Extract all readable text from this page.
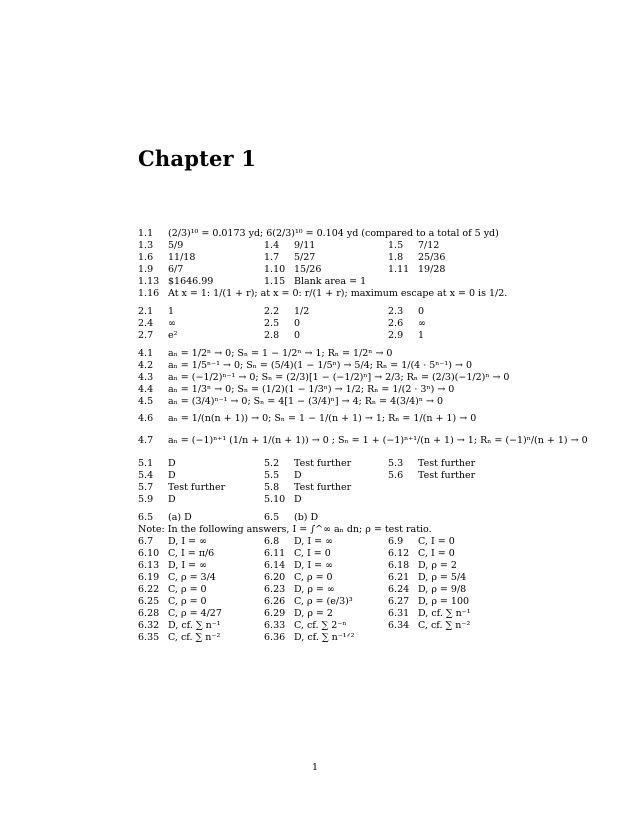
Chapter 1
1.1 (2/3)¹⁰ = 0.0173 yd; 6(2/3)¹⁰ = 0.104 yd (compared to a total of 5 yd)
1.3 5/9	1.4 9/11	1.5 7/12
1.6 11/18	1.7 5/27	1.8 25/36
1.9 6/7	1.10 15/26	1.11 19/28
1.13 $1646.99	1.15 Blank area = 1
1.16 At x = 1: 1/(1 + r); at x = 0: r/(1 + r); maximum escape at x = 0 is 1/2.
2.1 1	2.2 1/2	2.3 0
2.4 ∞	2.5 0	2.6 ∞
2.7 e²	2.8 0	2.9 1
4.1 aₙ = 1/2ⁿ → 0; Sₙ = 1 − 1/2ⁿ → 1; Rₙ = 1/2ⁿ → 0
4.2 aₙ = 1/5ⁿ⁻¹ → 0; Sₙ = (5/4)(1 − 1/5ⁿ) → 5/4; Rₙ = 1/(4 · 5ⁿ⁻¹) → 0
4.3 aₙ = (−1/2)ⁿ⁻¹ → 0; Sₙ = (2/3)[1 − (−1/2)ⁿ] → 2/3; Rₙ = (2/3)(−1/2)ⁿ → 0
4.4 aₙ = 1/3ⁿ → 0; Sₙ = (1/2)(1 − 1/3ⁿ) → 1/2; Rₙ = 1/(2 · 3ⁿ) → 0
4.5 aₙ = (3/4)ⁿ⁻¹ → 0; Sₙ = 4[1 − (3/4)ⁿ] → 4; Rₙ = 4(3/4)ⁿ → 0
4.6 aₙ = 1/(n(n + 1)) → 0; Sₙ = 1 − 1/(n + 1) → 1; Rₙ = 1/(n + 1) → 0
4.7 aₙ = (−1)ⁿ⁺¹ (1/n + 1/(n + 1)) → 0 ; Sₙ = 1 + (−1)ⁿ⁺¹/(n + 1) → 1; Rₙ = (−1)ⁿ/(n + 1) → 0
5.1 D	5.2 Test further	5.3 Test further
5.4 D	5.5 D	5.6 Test further
5.7 Test further	5.8 Test further
5.9 D	5.10 D
6.5 (a) D	6.5 (b) D
Note: In the following answers, I = ∫^∞ aₙ dn; ρ = test ratio.
6.7 D, I = ∞	6.8 D, I = ∞	6.9 C, I = 0
6.10 C, I = π/6	6.11 C, I = 0	6.12 C, I = 0
6.13 D, I = ∞	6.14 D, I = ∞	6.18 D, ρ = 2
6.19 C, ρ = 3/4	6.20 C, ρ = 0	6.21 D, ρ = 5/4
6.22 C, ρ = 0	6.23 D, ρ = ∞	6.24 D, ρ = 9/8
6.25 C, ρ = 0	6.26 C, ρ = (e/3)³	6.27 D, ρ = 100
6.28 C, ρ = 4/27	6.29 D, ρ = 2	6.31 D, cf. ∑ n⁻¹
6.32 D, cf. ∑ n⁻¹	6.33 C, cf. ∑ 2⁻ⁿ	6.34 C, cf. ∑ n⁻²
6.35 C, cf. ∑ n⁻²	6.36 D, cf. ∑ n⁻¹ᐟ²
1
